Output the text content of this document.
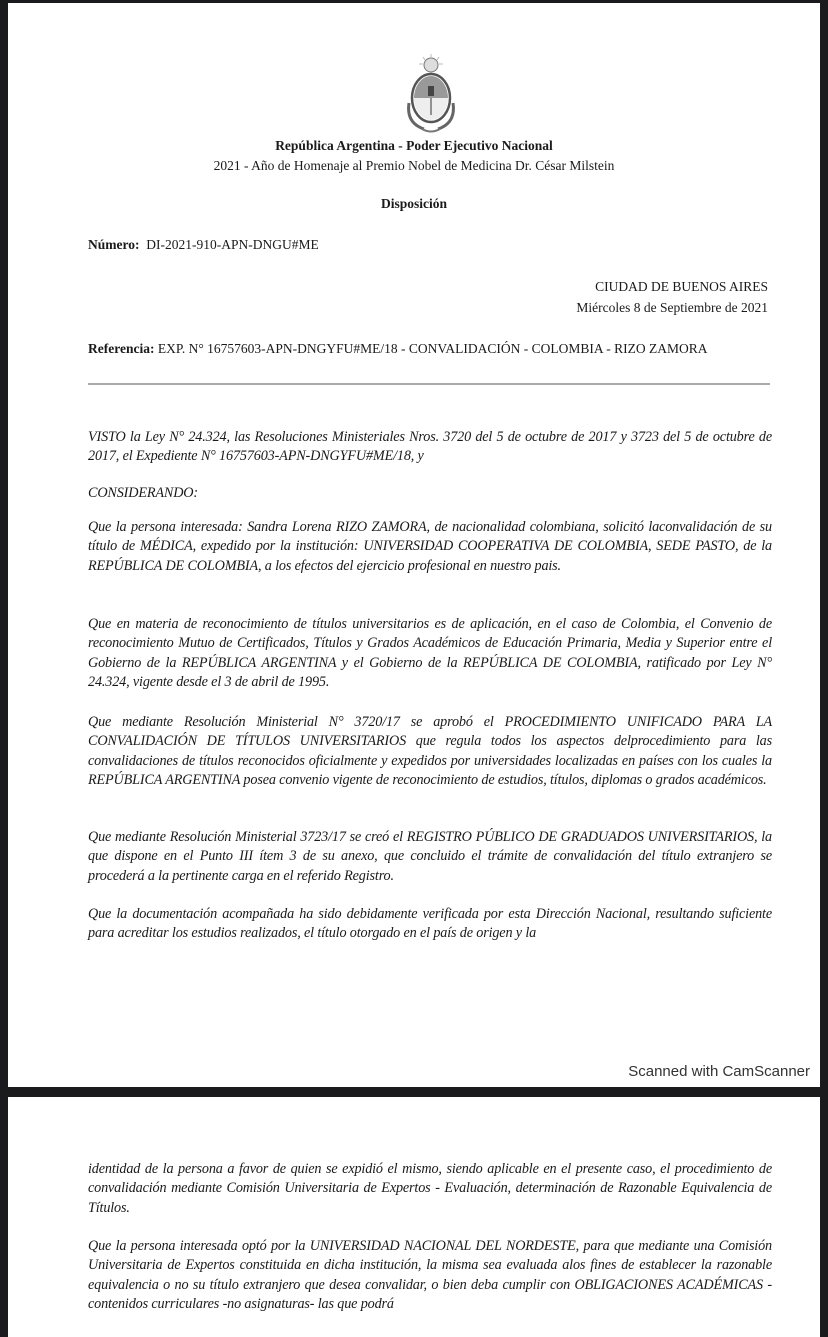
República Argentina - Poder Ejecutivo Nacional
2021 - Año de Homenaje al Premio Nobel de Medicina Dr. César Milstein
Disposición
Número: DI-2021-910-APN-DNGU#ME
CIUDAD DE BUENOS AIRES
Miércoles 8 de Septiembre de 2021
Referencia: EXP. N° 16757603-APN-DNGYFU#ME/18 - CONVALIDACIÓN - COLOMBIA - RIZO ZAMORA
VISTO la Ley N° 24.324, las Resoluciones Ministeriales Nros. 3720 del 5 de octubre de 2017 y 3723 del 5 de octubre de 2017, el Expediente N° 16757603-APN-DNGYFU#ME/18, y
CONSIDERANDO:
Que la persona interesada: Sandra Lorena RIZO ZAMORA, de nacionalidad colombiana, solicitó laconvalidación de su título de MÉDICA, expedido por la institución: UNIVERSIDAD COOPERATIVA DE COLOMBIA, SEDE PASTO, de la REPÚBLICA DE COLOMBIA, a los efectos del ejercicio profesional en nuestro pais.
Que en materia de reconocimiento de títulos universitarios es de aplicación, en el caso de Colombia, el Convenio de reconocimiento Mutuo de Certificados, Títulos y Grados Académicos de Educación Primaria, Media y Superior entre el Gobierno de la REPÚBLICA ARGENTINA y el Gobierno de la REPÚBLICA DE COLOMBIA, ratificado por Ley N° 24.324, vigente desde el 3 de abril de 1995.
Que mediante Resolución Ministerial N° 3720/17 se aprobó el PROCEDIMIENTO UNIFICADO PARA LA CONVALIDACIÓN DE TÍTULOS UNIVERSITARIOS que regula todos los aspectos delprocedimiento para las convalidaciones de títulos reconocidos oficialmente y expedidos por universidades localizadas en países con los cuales la REPÚBLICA ARGENTINA posea convenio vigente de reconocimiento de estudios, títulos, diplomas o grados académicos.
Que mediante Resolución Ministerial 3723/17 se creó el REGISTRO PÚBLICO DE GRADUADOS UNIVERSITARIOS, la que dispone en el Punto III ítem 3 de su anexo, que concluido el trámite de convalidación del título extranjero se procederá a la pertinente carga en el referido Registro.
Que la documentación acompañada ha sido debidamente verificada por esta Dirección Nacional, resultando suficiente para acreditar los estudios realizados, el título otorgado en el país de origen y la
Scanned with CamScanner
identidad de la persona a favor de quien se expidió el mismo, siendo aplicable en el presente caso, el procedimiento de convalidación mediante Comisión Universitaria de Expertos - Evaluación, determinación de Razonable Equivalencia de Títulos.
Que la persona interesada optó por la UNIVERSIDAD NACIONAL DEL NORDESTE, para que mediante una Comisión Universitaria de Expertos constituida en dicha institución, la misma sea evaluada alos fines de establecer la razonable equivalencia o no su título extranjero que desea convalidar, o bien deba cumplir con OBLIGACIONES ACADÉMICAS - contenidos curriculares -no asignaturas- las que podrá
